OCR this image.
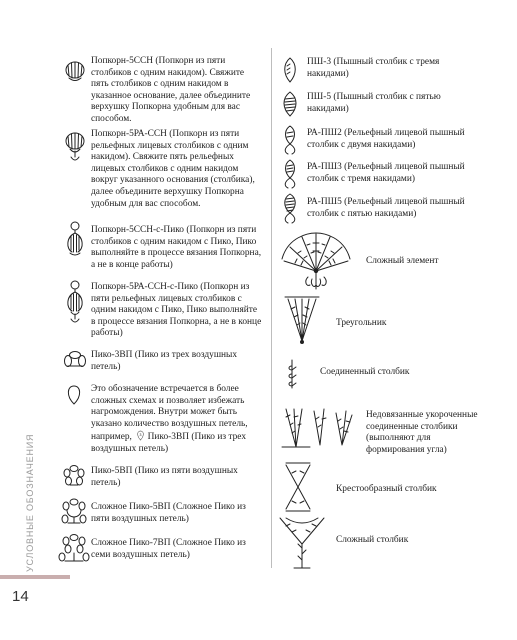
УСЛОВНЫЕ ОБОЗНАЧЕНИЯ
14

Попкорн-5ССН (Попкорн из пяти столбиков с одним накидом). Свяжите пять столбиков с одним накидом в указанное основание, далее объедините верхушку Попкорна удобным для вас способом.

Попкорн-5РА-ССН (Попкорн из пяти рельефных лицевых столбиков с одним накидом). Свяжите пять рельефных лицевых столбиков с одним накидом вокруг указанного основания (столбика), далее объедините верхушку Попкорна удобным для вас способом.

Попкорн-5ССН-с-Пико (Попкорн из пяти столбиков с одним накидом с Пико, Пико выполняйте в процессе вязания Попкорна, а не в конце работы)

Попкорн-5РА-ССН-с-Пико (Попкорн из пяти рельефных лицевых столбиков с одним накидом с Пико, Пико выполняйте в процессе вязания Попкорна, а не в конце работы)

Пико-3ВП (Пико из трех воздушных петель)

Это обозначение встречается в более сложных схемах и позволяет избежать нагромождения. Внутри может быть указано количество воздушных петель, например, 3 Пико-3ВП (Пико из трех воздушных петель)

Пико-5ВП (Пико из пяти воздушных петель)

Сложное Пико-5ВП (Сложное Пико из пяти воздушных петель)

Сложное Пико-7ВП (Сложное Пико из семи воздушных петель)

ПШ-3 (Пышный столбик с тремя накидами)

ПШ-5 (Пышный столбик с пятью накидами)

РА-ПШ2 (Рельефный лицевой пышный столбик с двумя накидами)

РА-ПШ3 (Рельефный лицевой пышный столбик с тремя накидами)

РА-ПШ5 (Рельефный лицевой пышный столбик с пятью накидами)

Сложный элемент

Треугольник

Соединенный столбик

Недовязанные укороченные соединенные столбики (выполняют для формирования угла)

Крестообразный столбик

Сложный столбик
